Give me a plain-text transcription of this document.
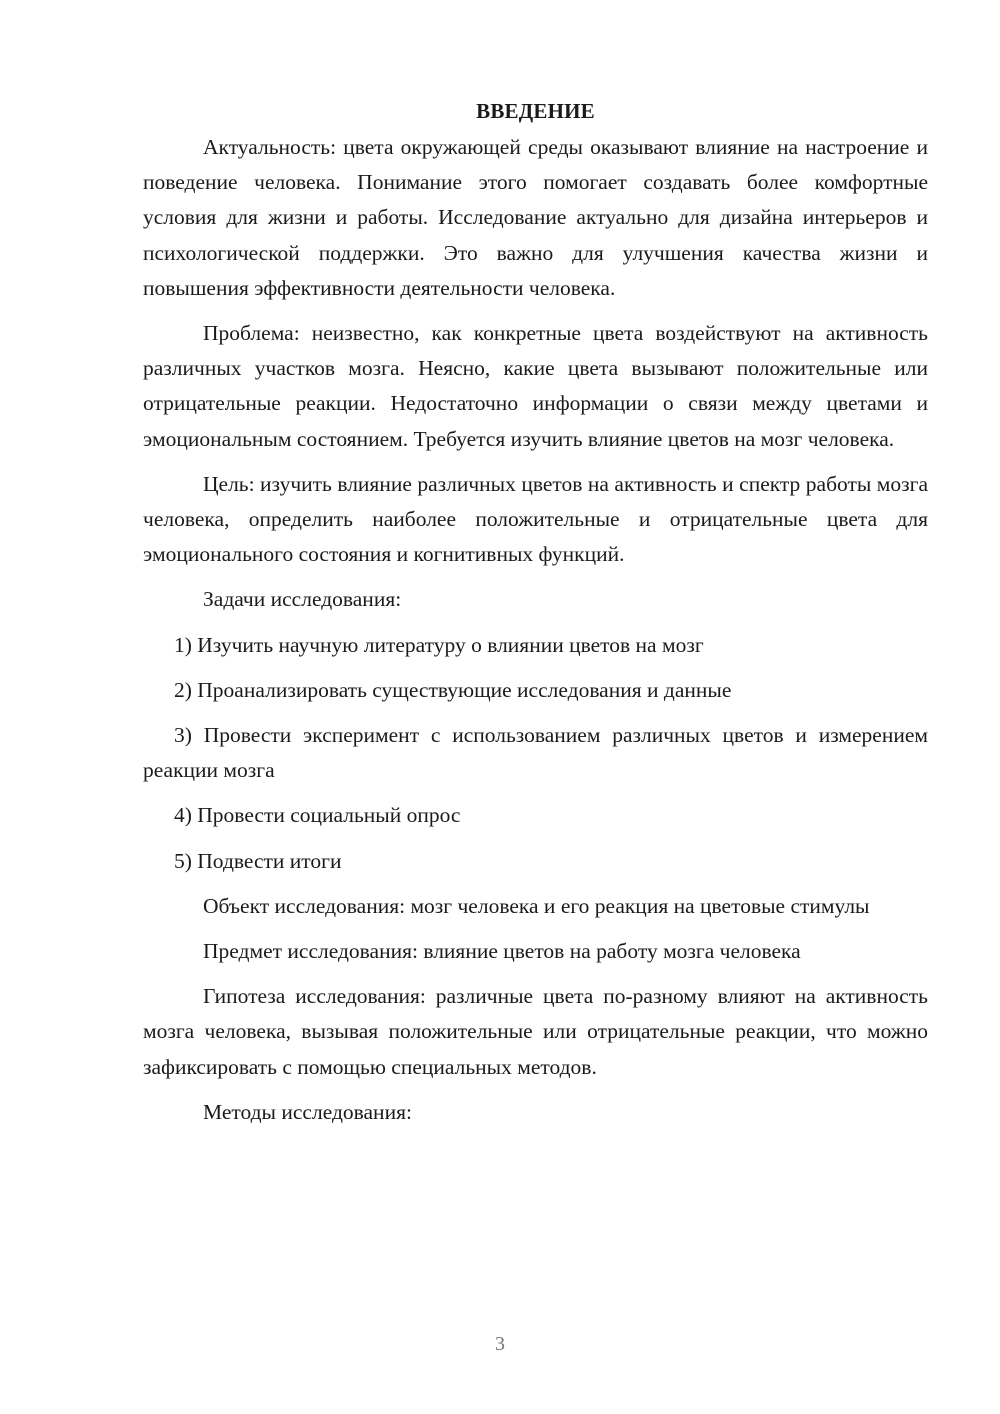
ВВЕДЕНИЕ

Актуальность: цвета окружающей среды оказывают влияние на настроение и поведение человека. Понимание этого помогает создавать более комфортные условия для жизни и работы. Исследование актуально для дизайна интерьеров и психологической поддержки. Это важно для улучшения качества жизни и повышения эффективности деятельности человека.

Проблема: неизвестно, как конкретные цвета воздействуют на активность различных участков мозга. Неясно, какие цвета вызывают положительные или отрицательные реакции. Недостаточно информации о связи между цветами и эмоциональным состоянием. Требуется изучить влияние цветов на мозг человека.

Цель: изучить влияние различных цветов на активность и спектр работы мозга человека, определить наиболее положительные и отрицательные цвета для эмоционального состояния и когнитивных функций.

Задачи исследования:

1) Изучить научную литературу о влиянии цветов на мозг

2) Проанализировать существующие исследования и данные

3) Провести эксперимент с использованием различных цветов и измерением реакции мозга

4) Провести социальный опрос

5) Подвести итоги

Объект исследования: мозг человека и его реакция на цветовые стимулы

Предмет исследования: влияние цветов на работу мозга человека

Гипотеза исследования: различные цвета по-разному влияют на активность мозга человека, вызывая положительные или отрицательные реакции, что можно зафиксировать с помощью специальных методов.

Методы исследования:

3
